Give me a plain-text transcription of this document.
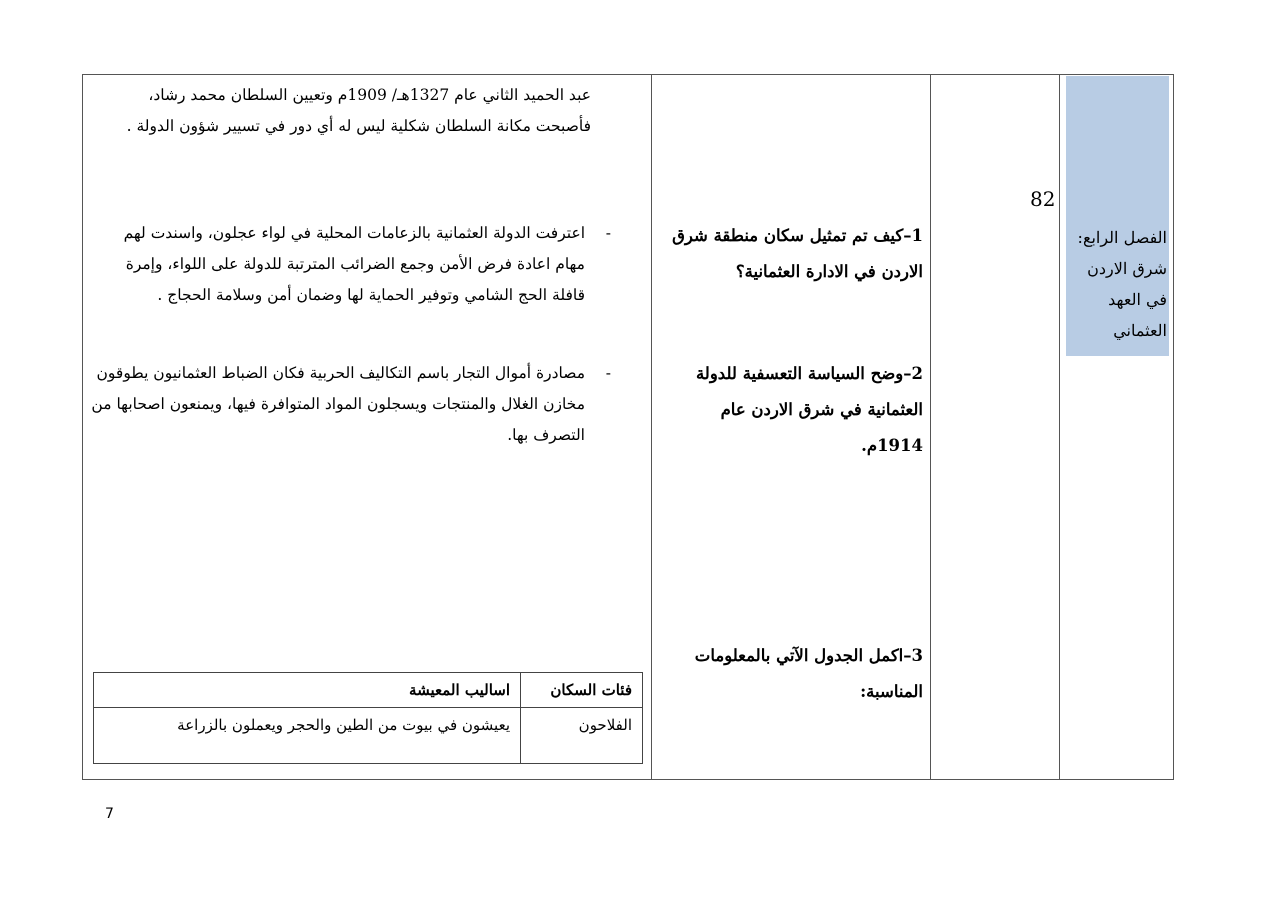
الفصل الرابع:
شرق الاردن
في العهد
العثماني

82

1–كيف تم تمثيل سكان منطقة شرق الاردن في الادارة العثمانية؟

2–وضح السياسة التعسفية للدولة العثمانية في شرق الاردن عام 1914م.

3–اكمل الجدول الآتي بالمعلومات المناسبة:

عبد الحميد الثاني عام 1327هـ/ 1909م وتعيين السلطان محمد رشاد، فأصبحت مكانة السلطان شكلية ليس له أي دور في تسيير شؤون الدولة .

-
اعترفت الدولة العثمانية بالزعامات المحلية في لواء عجلون، واسندت لهم مهام اعادة فرض الأمن وجمع الضرائب المترتبة للدولة على اللواء، وإمرة قافلة الحج الشامي وتوفير الحماية لها وضمان أمن وسلامة الحجاج .
-
مصادرة أموال التجار باسم التكاليف الحربية فكان الضباط العثمانيون يطوقون مخازن الغلال والمنتجات ويسجلون المواد المتوافرة فيها، ويمنعون اصحابها من التصرف بها.
فئات السكان	اساليب المعيشة
الفلاحون	يعيشون في بيوت من الطين والحجر ويعملون بالزراعة
7
